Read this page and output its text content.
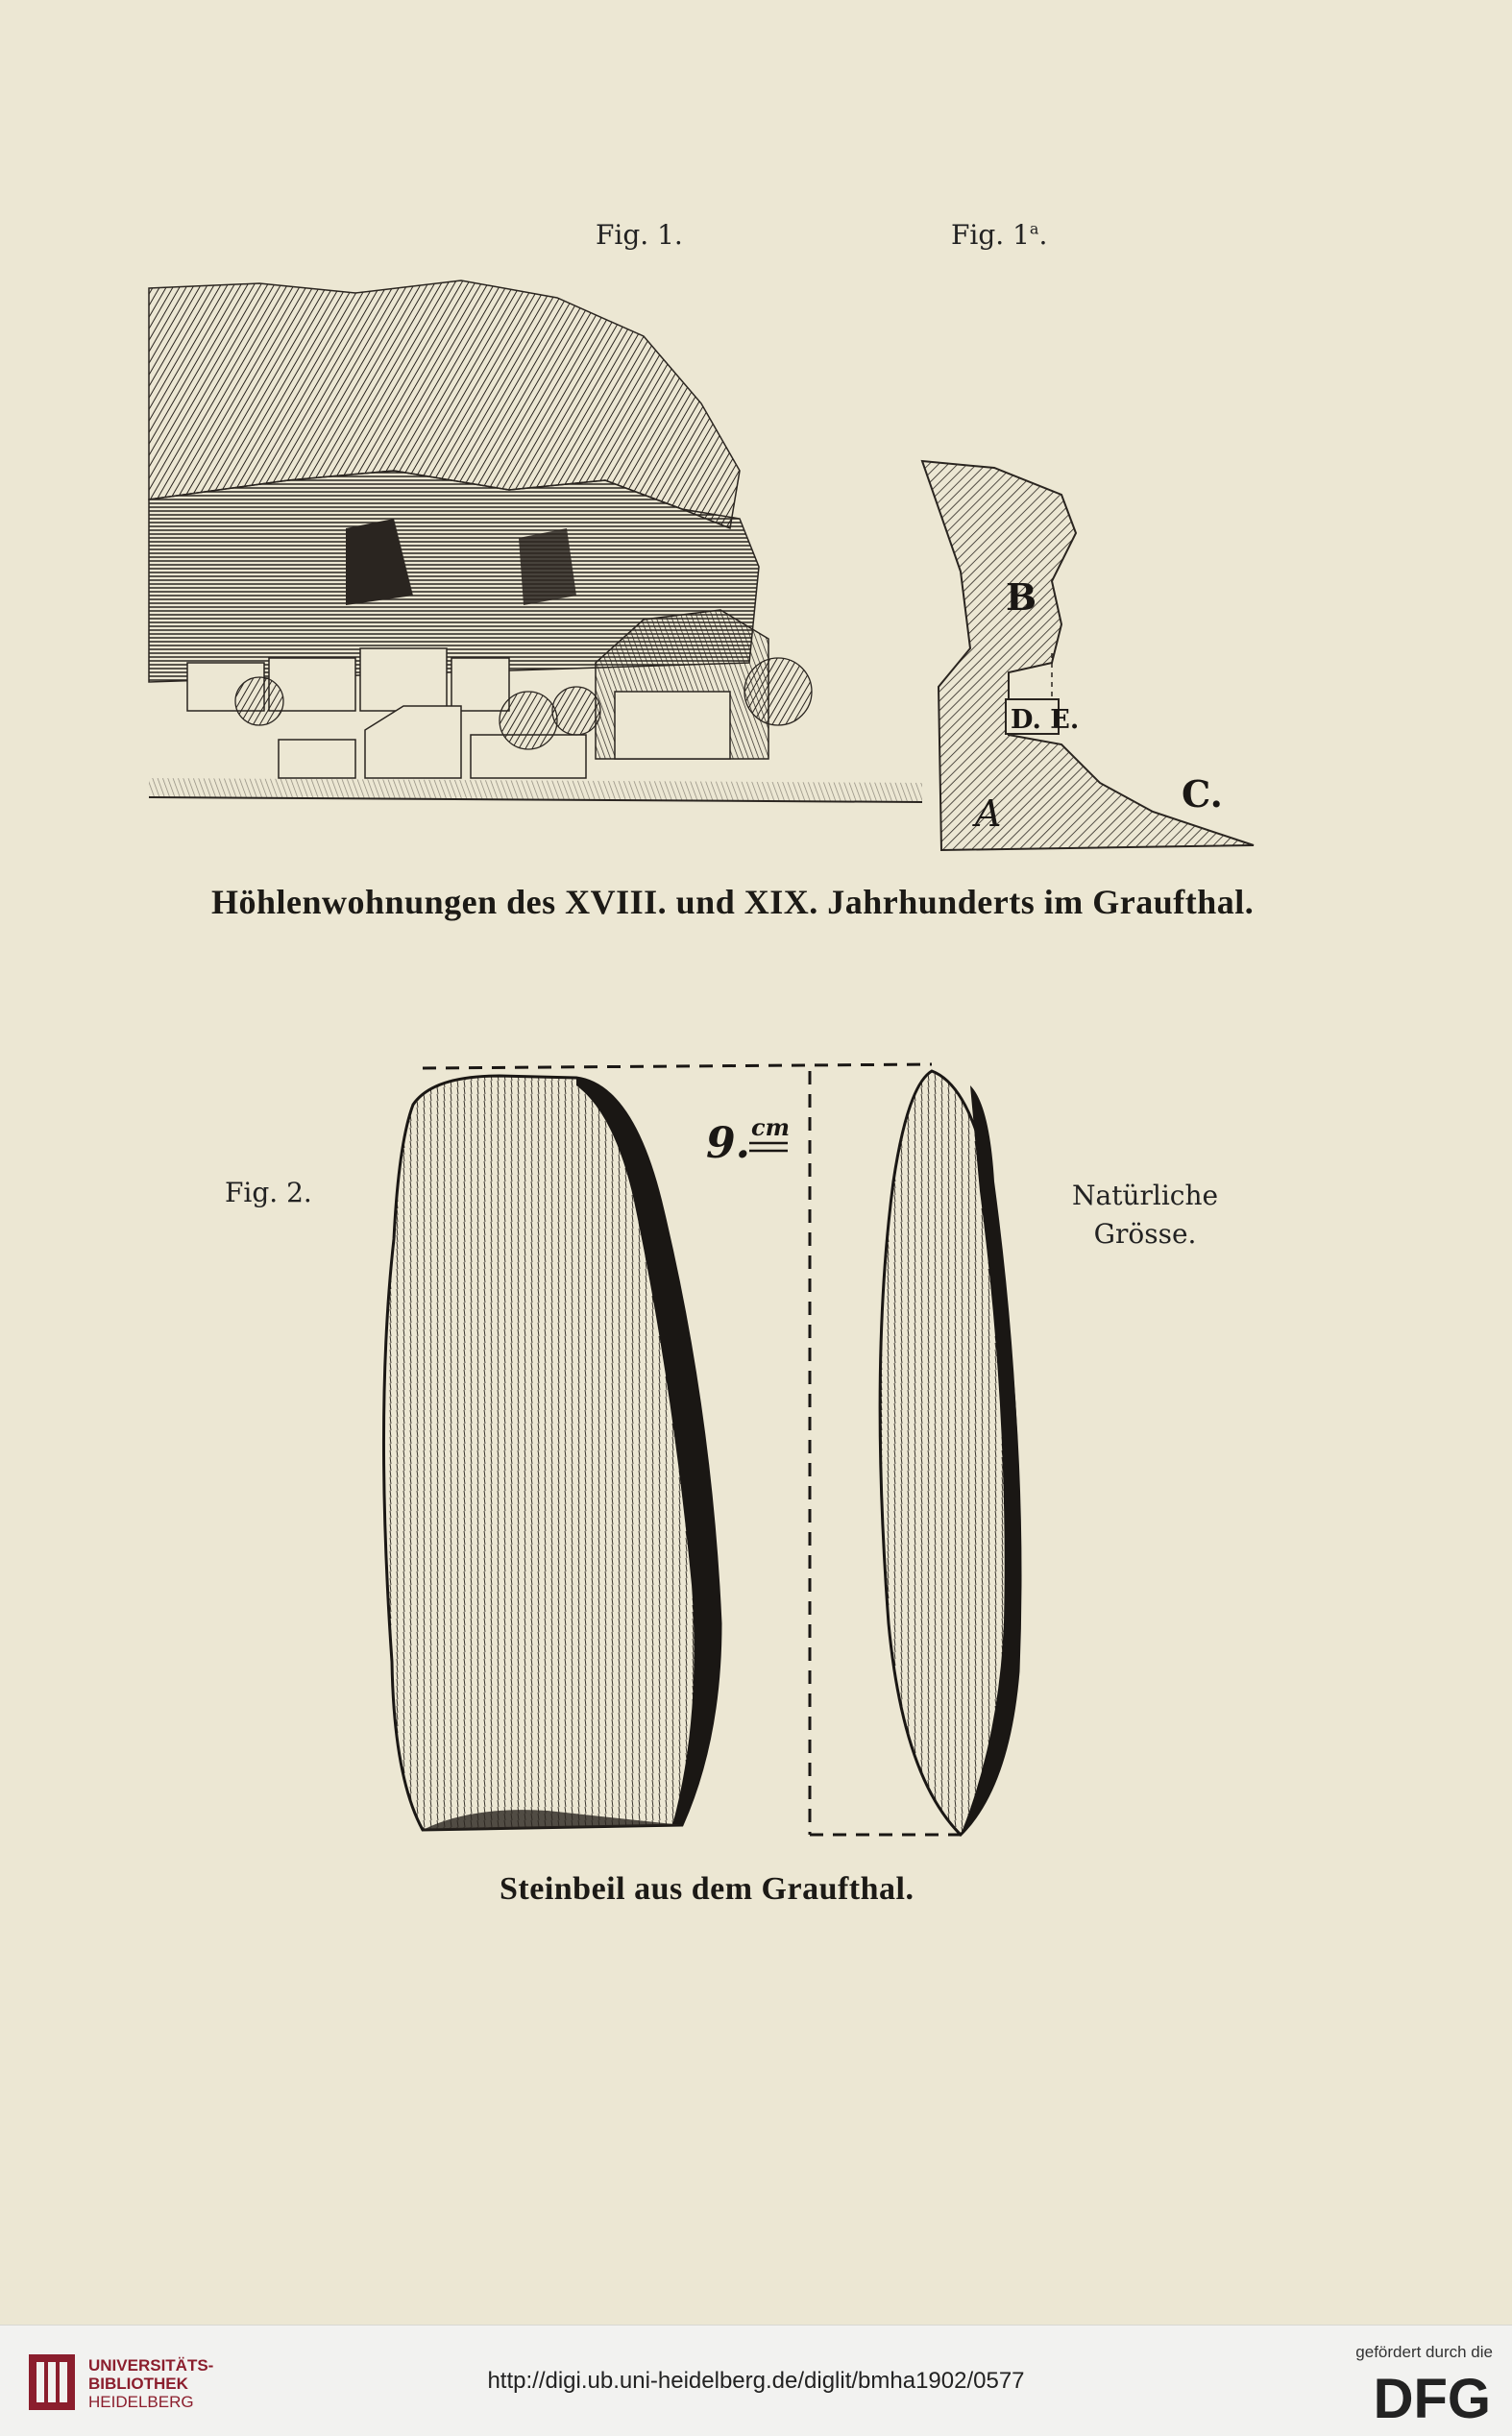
Fig. 1.	Fig. 1$^a$.
B
D. E.
A	C.
Höhlenwohnungen des XVIII. und XIX. Jahrhunderts im Graufthal.
Fig. 2.	Natürliche
Grösse.
9. cm
Steinbeil aus dem Graufthal.
UNIVERSITÄTS-
BIBLIOTHEK
HEIDELBERG
http://digi.ub.uni-heidelberg.de/diglit/bmha1902/0577
gefördert durch die
DFG
